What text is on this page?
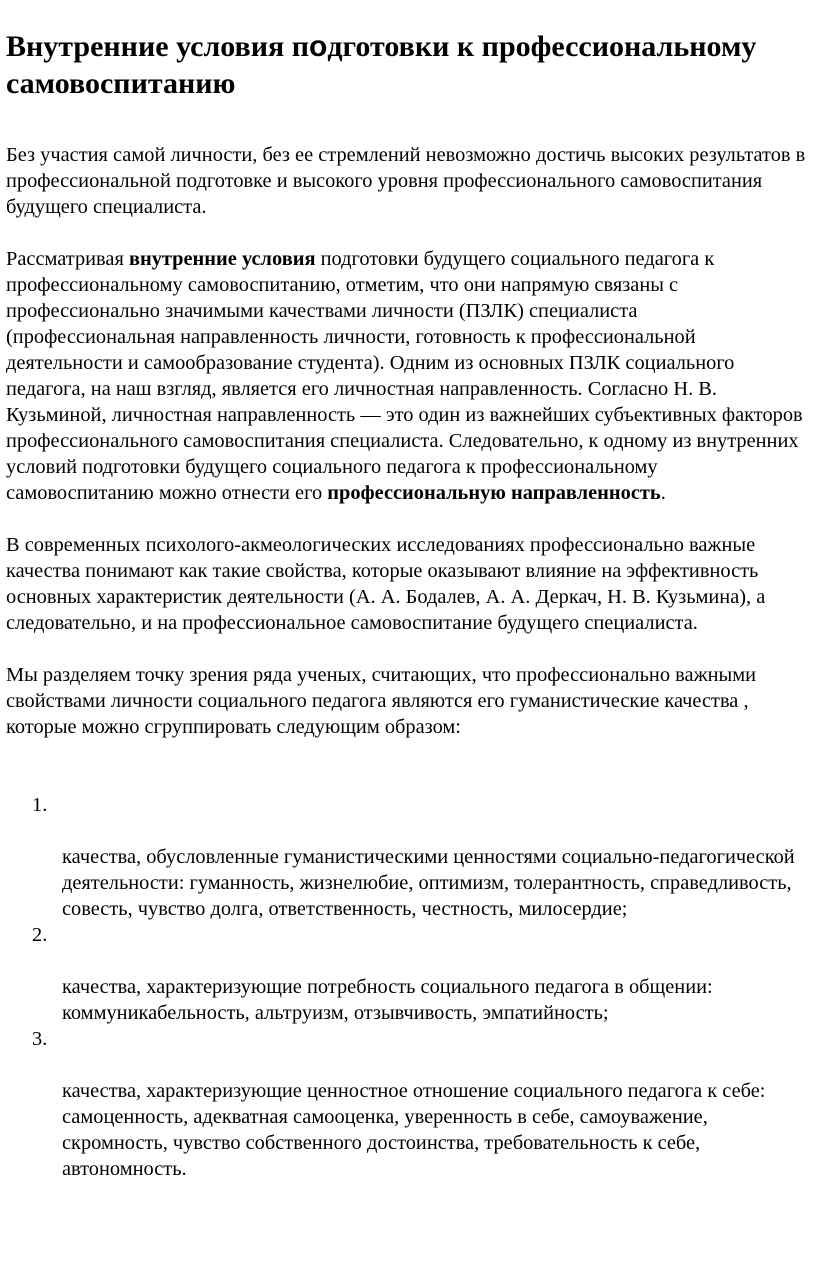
Внутренние условия подготовки к профессиональному самовоспитанию

Без участия самой личности, без ее стремлений невозможно достичь высоких результатов в профессиональной подготовке и высокого уровня профессионального самовоспитания будущего специалиста.

Рассматривая внутренние условия подготовки будущего социального педагога к профессиональному самовоспитанию, отметим, что они напрямую связаны с профессионально значимыми качествами личности (ПЗЛК) специалиста (профессиональная направленность личности, готовность к профессиональной деятельности и самообразование студента). Одним из основных ПЗЛК социального педагога, на наш взгляд, является его личностная направленность. Согласно Н. В. Кузьминой, личностная направленность — это один из важнейших субъективных факторов профессионального самовоспитания специалиста. Следовательно, к одному из внутренних условий подготовки будущего социального педагога к профессиональному самовоспитанию можно отнести его профессиональную направленность.

В современных психолого-акмеологических исследованиях профессионально важные качества понимают как такие свойства, которые оказывают влияние на эффективность основных характеристик деятельности (А. А. Бодалев, А. А. Деркач, Н. В. Кузьмина), а следовательно, и на профессиональное самовоспитание будущего специалиста.

Мы разделяем точку зрения ряда ученых, считающих, что профессионально важными свойствами личности социального педагога являются его гуманистические качества , которые можно сгруппировать следующим образом:

1.
качества, обусловленные гуманистическими ценностями социально-педагогической деятельности: гуманность, жизнелюбие, оптимизм, толерантность, справедливость, совесть, чувство долга, ответственность, честность, милосердие;
2.
качества, характеризующие потребность социального педагога в общении: коммуникабельность, альтруизм, отзывчивость, эмпатийность;
3.
качества, характеризующие ценностное отношение социального педагога к себе: самоценность, адекватная самооценка, уверенность в себе, самоуважение, скромность, чувство собственного достоинства, требовательность к себе, автономность.
